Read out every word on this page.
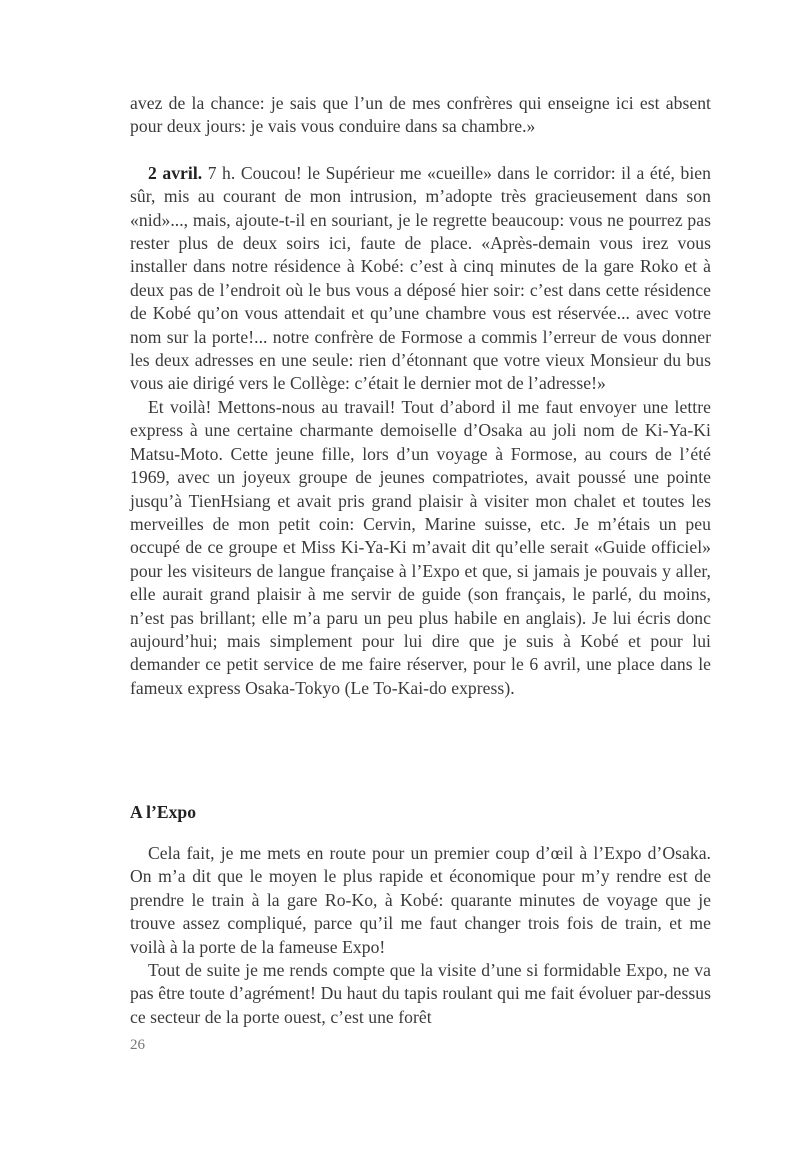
avez de la chance: je sais que l’un de mes confrères qui enseigne ici est absent pour deux jours: je vais vous conduire dans sa chambre.»

2 avril. 7 h. Coucou! le Supérieur me «cueille» dans le corridor: il a été, bien sûr, mis au courant de mon intrusion, m’adopte très gracieusement dans son «nid»..., mais, ajoute-t-il en souriant, je le regrette beaucoup: vous ne pourrez pas rester plus de deux soirs ici, faute de place. «Après-demain vous irez vous installer dans notre résidence à Kobé: c’est à cinq minutes de la gare Roko et à deux pas de l’endroit où le bus vous a déposé hier soir: c’est dans cette résidence de Kobé qu’on vous attendait et qu’une chambre vous est réservée... avec votre nom sur la porte!... notre confrère de Formose a commis l’erreur de vous donner les deux adresses en une seule: rien d’étonnant que votre vieux Monsieur du bus vous aie dirigé vers le Collège: c’était le dernier mot de l’adresse!»

Et voilà! Mettons-nous au travail! Tout d’abord il me faut envoyer une lettre express à une certaine charmante demoiselle d’Osaka au joli nom de Ki-Ya-Ki Matsu-Moto. Cette jeune fille, lors d’un voyage à Formose, au cours de l’été 1969, avec un joyeux groupe de jeunes compatriotes, avait poussé une pointe jusqu’à TienHsiang et avait pris grand plaisir à visiter mon chalet et toutes les merveilles de mon petit coin: Cervin, Marine suisse, etc. Je m’étais un peu occupé de ce groupe et Miss Ki-Ya-Ki m’avait dit qu’elle serait «Guide officiel» pour les visiteurs de langue française à l’Expo et que, si jamais je pouvais y aller, elle aurait grand plaisir à me servir de guide (son français, le parlé, du moins, n’est pas brillant; elle m’a paru un peu plus habile en anglais). Je lui écris donc aujourd’hui; mais simplement pour lui dire que je suis à Kobé et pour lui demander ce petit service de me faire réserver, pour le 6 avril, une place dans le fameux express Osaka-Tokyo (Le To-Kai-do express).

A l’Expo

Cela fait, je me mets en route pour un premier coup d’œil à l’Expo d’Osaka. On m’a dit que le moyen le plus rapide et économique pour m’y rendre est de prendre le train à la gare Ro-Ko, à Kobé: quarante minutes de voyage que je trouve assez compliqué, parce qu’il me faut changer trois fois de train, et me voilà à la porte de la fameuse Expo!

Tout de suite je me rends compte que la visite d’une si formidable Expo, ne va pas être toute d’agrément! Du haut du tapis roulant qui me fait évoluer par-dessus ce secteur de la porte ouest, c’est une forêt

26
